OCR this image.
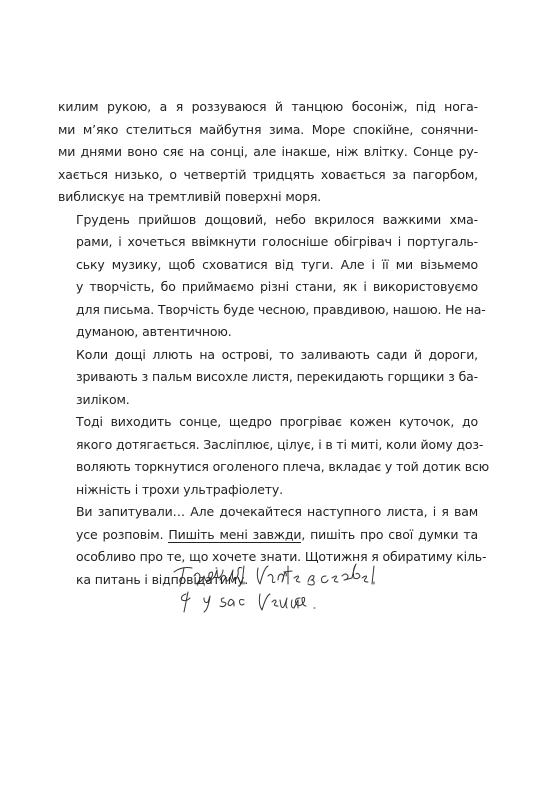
килим рукою, а я роззуваюся й танцюю босоніж, під нога-
ми м’яко стелиться майбутня зима. Море спокійне, сонячни-
ми днями воно сяє на сонці, але інакше, ніж влітку. Сонце ру-
хається низько, о четвертій тридцять ховається за пагорбом,
виблискує на тремтливій поверхні моря.

Грудень прийшов дощовий, небо вкрилося важкими хма-
рами, і хочеться ввімкнути голосніше обігрівач і португаль-
ську музику, щоб сховатися від туги. Але і її ми візьмемо
у творчість, бо приймаємо різні стани, як і використовуємо
для письма. Творчість буде чесною, правдивою, нашою. Не на-
думаною, автентичною.

Коли дощі ллють на острові, то заливають сади й дороги,
зривають з пальм висохле листя, перекидають горщики з ба-
зиліком.

Тоді виходить сонце, щедро прогріває кожен куточок, до
якого дотягається. Засліплює, цілує, і в ті миті, коли йому доз-
воляють торкнутися оголеного плеча, вкладає у той дотик всю
ніжність і трохи ультрафіолету.

Ви запитували… Але дочекайтеся наступного листа, і я вам
усе розповім. Пишіть мені завжди, пишіть про свої думки та
особливо про те, що хочете знати. Щотижня я обиратиму кіль-
ка питань і відповідатиму.
